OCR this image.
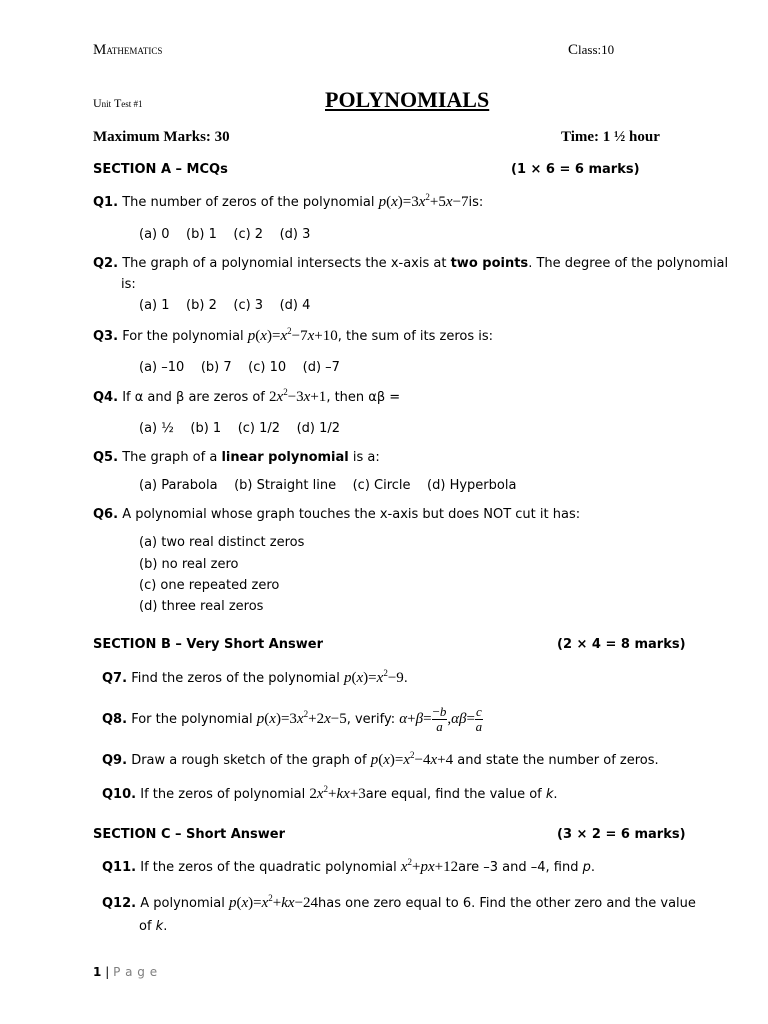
Mathematics	Class:10
Unit Test #1	POLYNOMIALS
Maximum Marks: 30	Time: 1 ½ hour
SECTION A – MCQs	(1 × 6 = 6 marks)
Q1. The number of zeros of the polynomial $p(x)=3x^2+5x-7is$:
(a) 0    (b) 1    (c) 2    (d) 3
Q2. The graph of a polynomial intersects the x-axis at two points. The degree of the polynomial
is:
(a) 1    (b) 2    (c) 3    (d) 4
Q3. For the polynomial $p(x)=x^2-7x+10$, the sum of its zeros is:
(a) –10    (b) 7    (c) 10    (d) –7
Q4. If α and β are zeros of $2x^2-3x+1$, then αβ =
(a) ½    (b) 1    (c) 1/2    (d) 1/2
Q5. The graph of a linear polynomial is a:
(a) Parabola    (b) Straight line    (c) Circle    (d) Hyperbola
Q6. A polynomial whose graph touches the x-axis but does NOT cut it has:
(a) two real distinct zeros
(b) no real zero
(c) one repeated zero
(d) three real zeros
SECTION B – Very Short Answer	(2 × 4 = 8 marks)
Q7. Find the zeros of the polynomial $p(x)=x^2-9$.
Q8. For the polynomial $p(x)=3x^2+2x-5$, verify: $\alpha+\beta= \frac{-b}{a} ,\alpha\beta= \frac{c}{a}$
Q9. Draw a rough sketch of the graph of $p(x)=x^2-4x+4$ and state the number of zeros.
Q10. If the zeros of polynomial $2x^2+kx+3are$ equal, find the value of k.
SECTION C – Short Answer	(3 × 2 = 6 marks)
Q11. If the zeros of the quadratic polynomial $x^2+px+12are$ –3 and –4, find p.
Q12. A polynomial $p(x)=x^2+kx-24has$ one zero equal to 6. Find the other zero and the value
of k.
1 | P a g e
